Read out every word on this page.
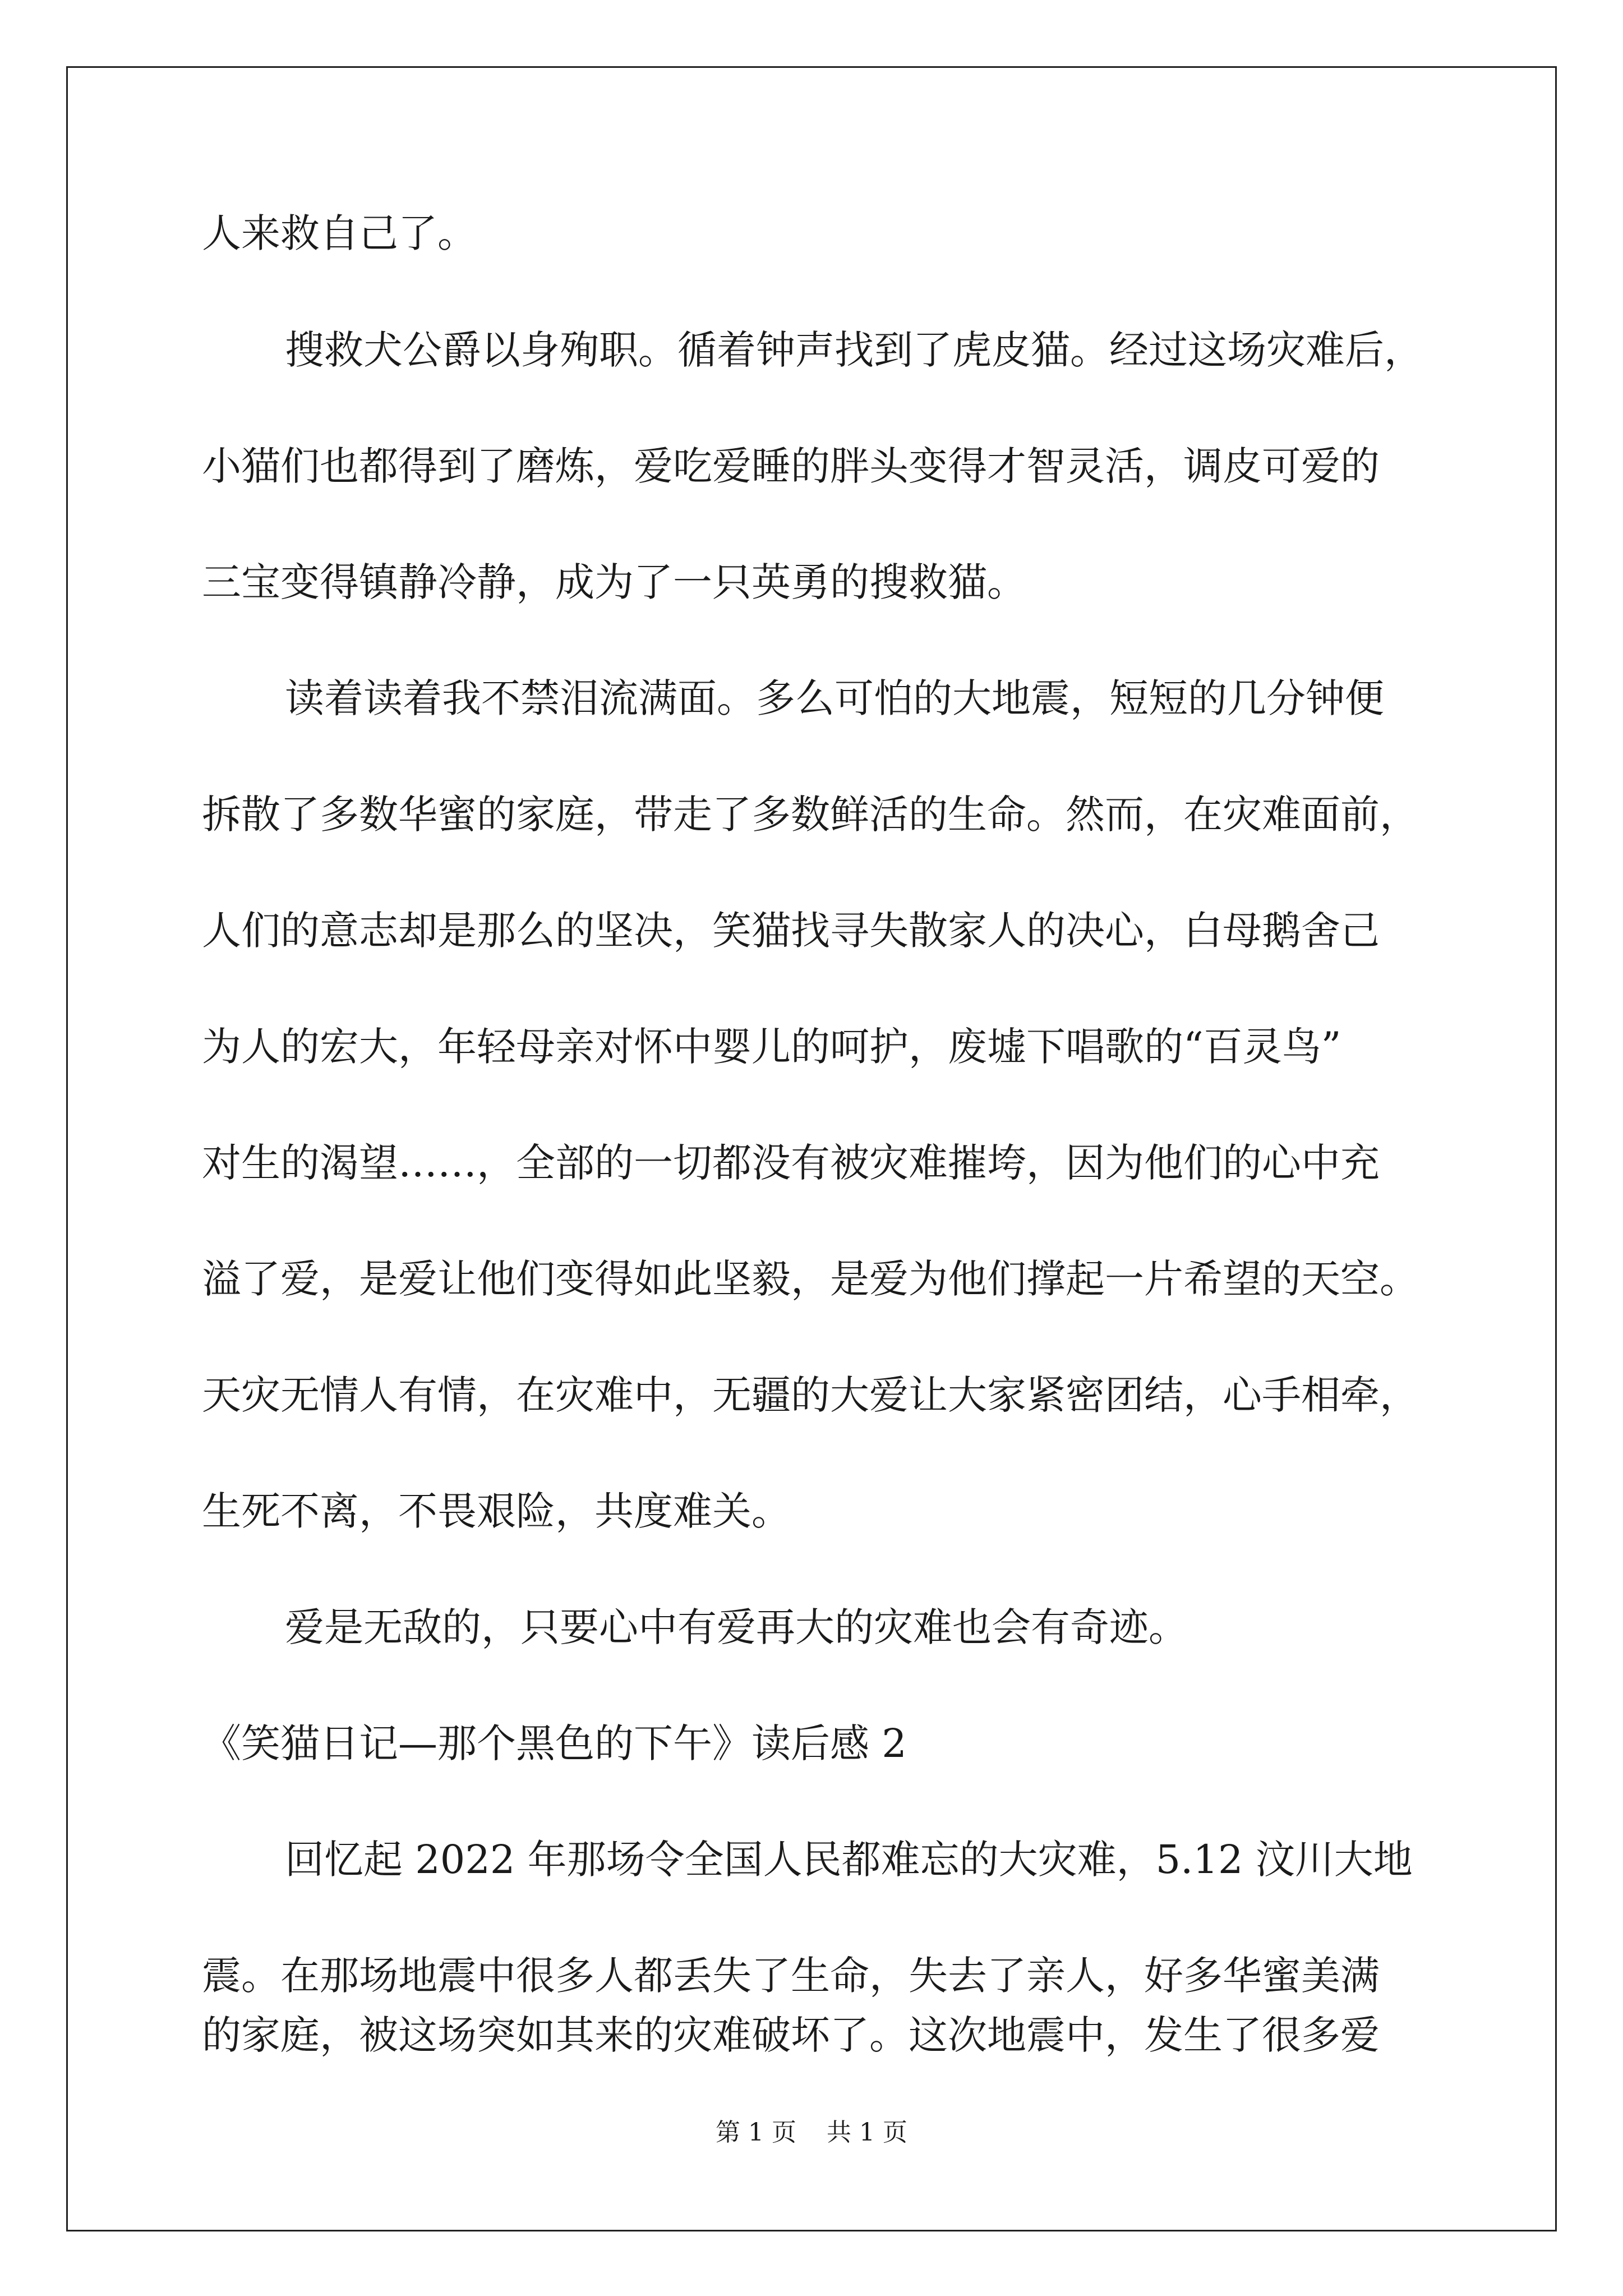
人来救自己了。
搜救犬公爵以身殉职。循着钟声找到了虎皮猫。经过这场灾难后，
小猫们也都得到了磨炼，爱吃爱睡的胖头变得才智灵活，调皮可爱的
三宝变得镇静冷静，成为了一只英勇的搜救猫。
读着读着我不禁泪流满面。多么可怕的大地震，短短的几分钟便
拆散了多数华蜜的家庭，带走了多数鲜活的生命。然而，在灾难面前，
人们的意志却是那么的坚决，笑猫找寻失散家人的决心，白母鹅舍己
为人的宏大，年轻母亲对怀中婴儿的呵护，废墟下唱歌的“百灵鸟”
对生的渴望……，全部的一切都没有被灾难摧垮，因为他们的心中充
溢了爱，是爱让他们变得如此坚毅，是爱为他们撑起一片希望的天空。
天灾无情人有情，在灾难中，无疆的大爱让大家紧密团结，心手相牵，
生死不离，不畏艰险，共度难关。
爱是无敌的，只要心中有爱再大的灾难也会有奇迹。
《笑猫日记—那个黑色的下午》读后感 2
回忆起 2022 年那场令全国人民都难忘的大灾难，5.12 汶川大地
震。在那场地震中很多人都丢失了生命，失去了亲人，好多华蜜美满
的家庭，被这场突如其来的灾难破坏了。这次地震中，发生了很多爱
第 1 页 共 1 页
